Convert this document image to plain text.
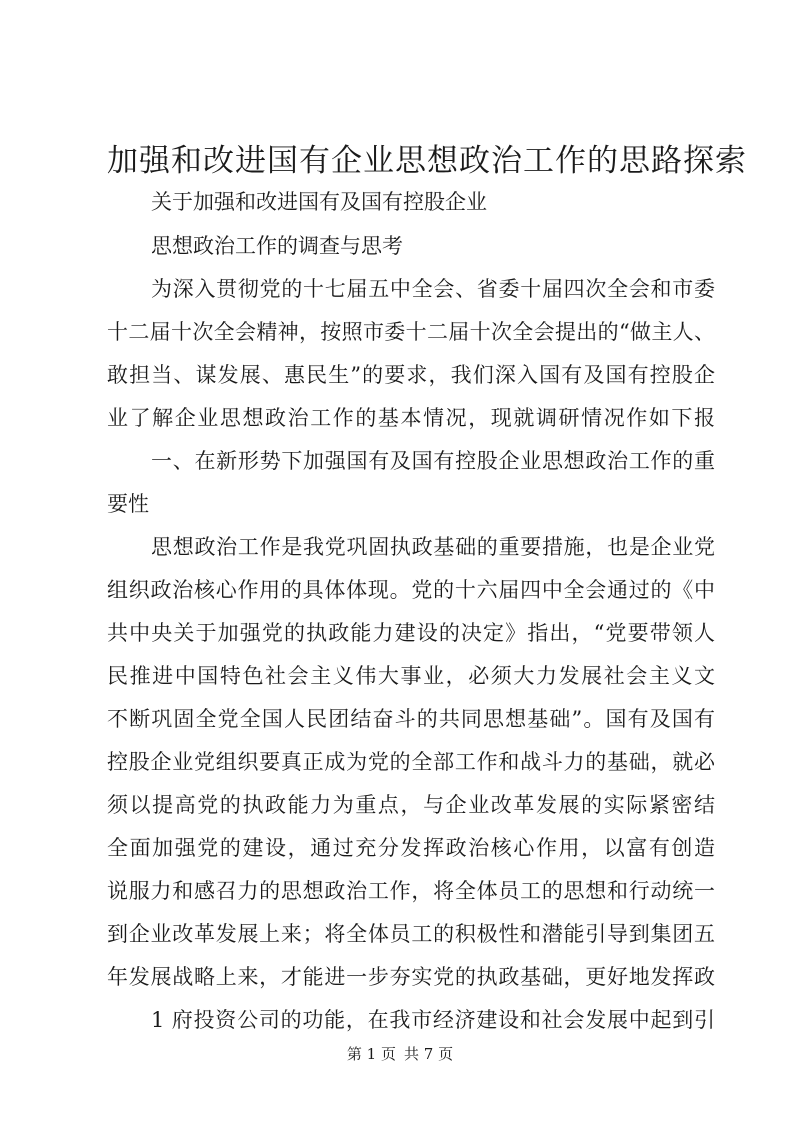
加强和改进国有企业思想政治工作的思路探索

关于加强和改进国有及国有控股企业

思想政治工作的调查与思考

为深入贯彻党的十七届五中全会、省委十届四次全会和市委

十二届十次全会精神，按照市委十二届十次全会提出的“做主人、

敢担当、谋发展、惠民生”的要求，我们深入国有及国有控股企

业了解企业思想政治工作的基本情况，现就调研情况作如下报

一、在新形势下加强国有及国有控股企业思想政治工作的重

要性

思想政治工作是我党巩固执政基础的重要措施，也是企业党

组织政治核心作用的具体体现。党的十六届四中全会通过的《中

共中央关于加强党的执政能力建设的决定》指出，“党要带领人

民推进中国特色社会主义伟大事业，必须大力发展社会主义文

不断巩固全党全国人民团结奋斗的共同思想基础”。国有及国有

控股企业党组织要真正成为党的全部工作和战斗力的基础，就必

须以提高党的执政能力为重点，与企业改革发展的实际紧密结

全面加强党的建设，通过充分发挥政治核心作用，以富有创造

说服力和感召力的思想政治工作，将全体员工的思想和行动统一

到企业改革发展上来；将全体员工的积极性和潜能引导到集团五

年发展战略上来，才能进一步夯实党的执政基础，更好地发挥政

1 府投资公司的功能，在我市经济建设和社会发展中起到引

第 1 页 共 7 页
